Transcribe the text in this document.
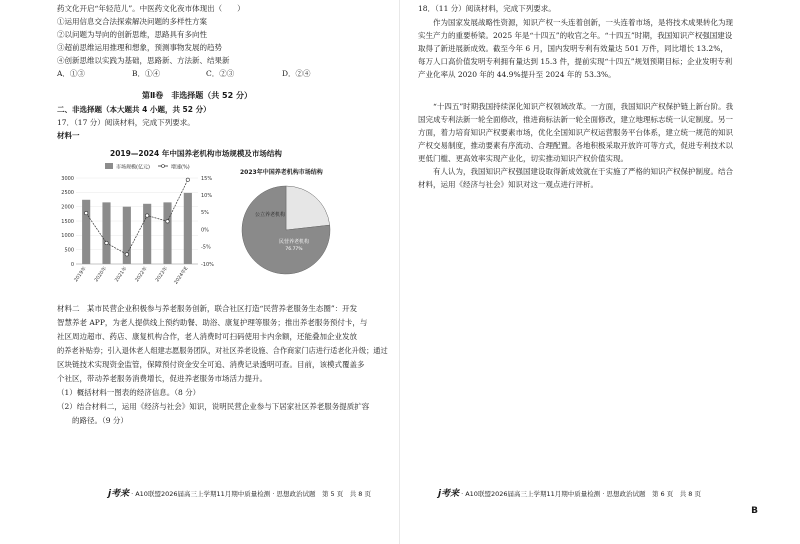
药文化开启“年轻范儿”。中医药文化夜市体现出（　　）
①运用信息交合法探索解决问题的多样性方案
②以问题为导向的创新思维，思路具有多向性
③超前思维运用推理和想象，预测事物发展的趋势
④创新思维以实践为基础，思路新、方法新、结果新
A．①③	B．①④	C．②③	D．②④
第Ⅱ卷　非选择题（共 52 分）
二、非选择题（本大题共 4 小题，共 52 分）
17．（17 分）阅读材料，完成下列要求。
材料一
2019—2024 年中国养老机构市场规模及市场结构
市场规模(亿元)	增速(%)
0
500
1000
1500
2000
2500
3000
-10%
-5%
0%
5%
10%
15%
2019年	2020年	2021年	2022年	2023年 2024年E
2023年中国养老机构市场结构
公立养老机构
民营养老机构
76.77%
材料二　某市民营企业积极参与养老服务创新，联合社区打造“民营养老服务生态圈”：开发
智慧养老 APP，为老人提供线上预约助餐、助浴、康复护理等服务；推出养老服务预付卡，与
社区周边超市、药店、康复机构合作，老人消费时可扫码使用卡内余额，还能叠加企业发放
的养老补贴券；引入退休老人组建志愿服务团队，对社区养老设施、合作商家门店进行适老化升级；通过
区块链技术实现资金监管，保障预付资金安全可追、消费记录透明可查。目前，该模式覆盖多
个社区，带动养老服务消费增长，促进养老服务市场活力提升。
（1）概括材料一图表的经济信息。（8 分）
（2）结合材料二，运用《经济与社会》知识，说明民营企业参与下居家社区养老服务提质扩容
的路径。（9 分）
j考来 · A10联盟2026届高三上学期11月期中质量检测 · 思想政治试题　第 5 页　共 8 页
18．（11 分）阅读材料，完成下列要求。
作为国家发展战略性资源，知识产权一头连着创新，一头连着市场，是将技术成果转化为现实生产力的重要桥梁。2025 年是“十四五”的收官之年。“十四五”时期，我国知识产权强国建设取得了新进展新成效。截至今年 6 月，国内发明专利有效量达 501 万件，同比增长 13.2%，每万人口高价值发明专利拥有量达到 15.3 件，提前实现“十四五”规划预期目标；企业发明专利产业化率从 2020 年的 44.9%提升至 2024 年的 53.3%。
“十四五”时期我国持续深化知识产权领域改革。一方面，我国知识产权保护链上新台阶。我国完成专利法新一轮全面修改，推进商标法新一轮全面修改，建立地理标志统一认定制度。另一方面，着力培育知识产权要素市场，优化全国知识产权运营服务平台体系，建立统一规范的知识产权交易制度，推动要素有序流动、合理配置。各地积极采取开放许可等方式，促进专利技术以更低门槛、更高效率实现产业化，切实推动知识产权价值实现。
有人认为，我国知识产权强国建设取得新成效就在于实施了严格的知识产权保护制度。结合材料，运用《经济与社会》知识对这一观点进行评析。
j考来 · A10联盟2026届高三上学期11月期中质量检测 · 思想政治试题　第 6 页　共 8 页
B
